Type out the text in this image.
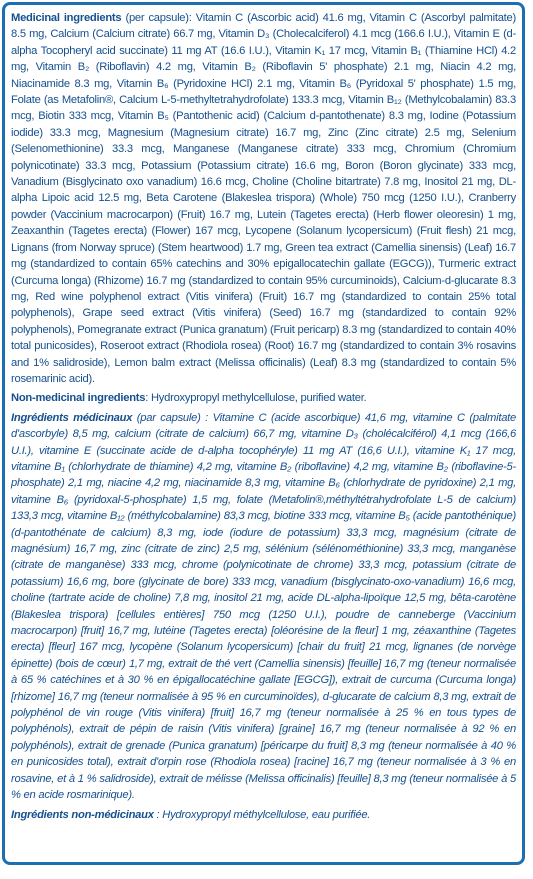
Medicinal ingredients (per capsule): Vitamin C (Ascorbic acid) 41.6 mg, Vitamin C (Ascorbyl palmitate) 8.5 mg, Calcium (Calcium citrate) 66.7 mg, Vitamin D₃ (Cholecalciferol) 4.1 mcg (166.6 I.U.), Vitamin E (d-alpha Tocopheryl acid succinate) 11 mg AT (16.6 I.U.), Vitamin K₁ 17 mcg, Vitamin B₁ (Thiamine HCl) 4.2 mg, Vitamin B₂ (Riboflavin) 4.2 mg, Vitamin B₂ (Riboflavin 5' phosphate) 2.1 mg, Niacin 4.2 mg, Niacinamide 8.3 mg, Vitamin B₆ (Pyridoxine HCl) 2.1 mg, Vitamin B₆ (Pyridoxal 5' phosphate) 1.5 mg, Folate (as Metafolin®, Calcium L-5-methyltetrahydrofolate) 133.3 mcg, Vitamin B₁₂ (Methylcobalamin) 83.3 mcg, Biotin 333 mcg, Vitamin B₅ (Pantothenic acid) (Calcium d-pantothenate) 8.3 mg, Iodine (Potassium iodide) 33.3 mcg, Magnesium (Magnesium citrate) 16.7 mg, Zinc (Zinc citrate) 2.5 mg, Selenium (Selenomethionine) 33.3 mcg, Manganese (Manganese citrate) 333 mcg, Chromium (Chromium polynicotinate) 33.3 mcg, Potassium (Potassium citrate) 16.6 mg, Boron (Boron glycinate) 333 mcg, Vanadium (Bisglycinato oxo vanadium) 16.6 mcg, Choline (Choline bitartrate) 7.8 mg, Inositol 21 mg, DL-alpha Lipoic acid 12.5 mg, Beta Carotene (Blakeslea trispora) (Whole) 750 mcg (1250 I.U.), Cranberry powder (Vaccinium macrocarpon) (Fruit) 16.7 mg, Lutein (Tagetes erecta) (Herb flower oleoresin) 1 mg, Zeaxanthin (Tagetes erecta) (Flower) 167 mcg, Lycopene (Solanum lycopersicum) (Fruit flesh) 21 mcg, Lignans (from Norway spruce) (Stem heartwood) 1.7 mg, Green tea extract (Camellia sinensis) (Leaf) 16.7 mg (standardized to contain 65% catechins and 30% epigallocatechin gallate (EGCG)), Turmeric extract (Curcuma longa) (Rhizome) 16.7 mg (standardized to contain 95% curcuminoids), Calcium-d-glucarate 8.3 mg, Red wine polyphenol extract (Vitis vinifera) (Fruit) 16.7 mg (standardized to contain 25% total polyphenols), Grape seed extract (Vitis vinifera) (Seed) 16.7 mg (standardized to contain 92% polyphenols), Pomegranate extract (Punica granatum) (Fruit pericarp) 8.3 mg (standardized to contain 40% total punicosides), Roseroot extract (Rhodiola rosea) (Root) 16.7 mg (standardized to contain 3% rosavins and 1% salidroside), Lemon balm extract (Melissa officinalis) (Leaf) 8.3 mg (standardized to contain 5% rosemarinic acid).

Non-medicinal ingredients: Hydroxypropyl methylcellulose, purified water.

Ingrédients médicinaux (par capsule) : Vitamine C (acide ascorbique) 41,6 mg, vitamine C (palmitate d'ascorbyle) 8,5 mg, calcium (citrate de calcium) 66,7 mg, vitamine D₃ (cholécalciférol) 4,1 mcg (166,6 U.I.), vitamine E (succinate acide de d-alpha tocophéryle) 11 mg AT (16,6 U.I.), vitamine K₁ 17 mcg, vitamine B₁ (chlorhydrate de thiamine) 4,2 mg, vitamine B₂ (riboflavine) 4,2 mg, vitamine B₂ (riboflavine-5-phosphate) 2,1 mg, niacine 4,2 mg, niacinamide 8,3 mg, vitamine B₆ (chlorhydrate de pyridoxine) 2,1 mg, vitamine B₆ (pyridoxal-5-phosphate) 1,5 mg, folate (Metafolin®,méthyltétrahydrofolate L-5 de calcium) 133,3 mcg, vitamine B₁₂ (méthylcobalamine) 83,3 mcg, biotine 333 mcg, vitamine B₅ (acide pantothénique) (d-pantothénate de calcium) 8,3 mg, iode (iodure de potassium) 33,3 mcg, magnésium (citrate de magnésium) 16,7 mg, zinc (citrate de zinc) 2,5 mg, sélénium (sélénométhionine) 33,3 mcg, manganèse (citrate de manganèse) 333 mcg, chrome (polynicotinate de chrome) 33,3 mcg, potassium (citrate de potassium) 16,6 mg, bore (glycinate de bore) 333 mcg, vanadium (bisglycinato-oxo-vanadium) 16,6 mcg, choline (tartrate acide de choline) 7,8 mg, inositol 21 mg, acide DL-alpha-lipoïque 12,5 mg, bêta-carotène (Blakeslea trispora) [cellules entières] 750 mcg (1250 U.I.), poudre de canneberge (Vaccinium macrocarpon) [fruit] 16,7 mg, lutéine (Tagetes erecta) [oléorésine de la fleur] 1 mg, zéaxanthine (Tagetes erecta) [fleur] 167 mcg, lycopène (Solanum lycopersicum) [chair du fruit] 21 mcg, lignanes (de norvège épinette) (bois de cœur) 1,7 mg, extrait de thé vert (Camellia sinensis) [feuille] 16,7 mg (teneur normalisée à 65 % catéchines et à 30 % en épigallocatéchine gallate [EGCG]), extrait de curcuma (Curcuma longa) [rhizome] 16,7 mg (teneur normalisée à 95 % en curcuminoïdes), d-glucarate de calcium 8,3 mg, extrait de polyphénol de vin rouge (Vitis vinifera) [fruit] 16,7 mg (teneur normalisée à 25 % en tous types de polyphénols), extrait de pépin de raisin (Vitis vinifera) [graine] 16,7 mg (teneur normalisée à 92 % en polyphénols), extrait de grenade (Punica granatum) [péricarpe du fruit] 8,3 mg (teneur normalisée à 40 % en punicosides total), extrait d'orpin rose (Rhodiola rosea) [racine] 16,7 mg (teneur normalisée à 3 % en rosavine, et à 1 % salidroside), extrait de mélisse (Melissa officinalis) [feuille] 8,3 mg (teneur normalisée à 5 % en acide rosmarinique).

Ingrédients non-médicinaux : Hydroxypropyl méthylcellulose, eau purifiée.
